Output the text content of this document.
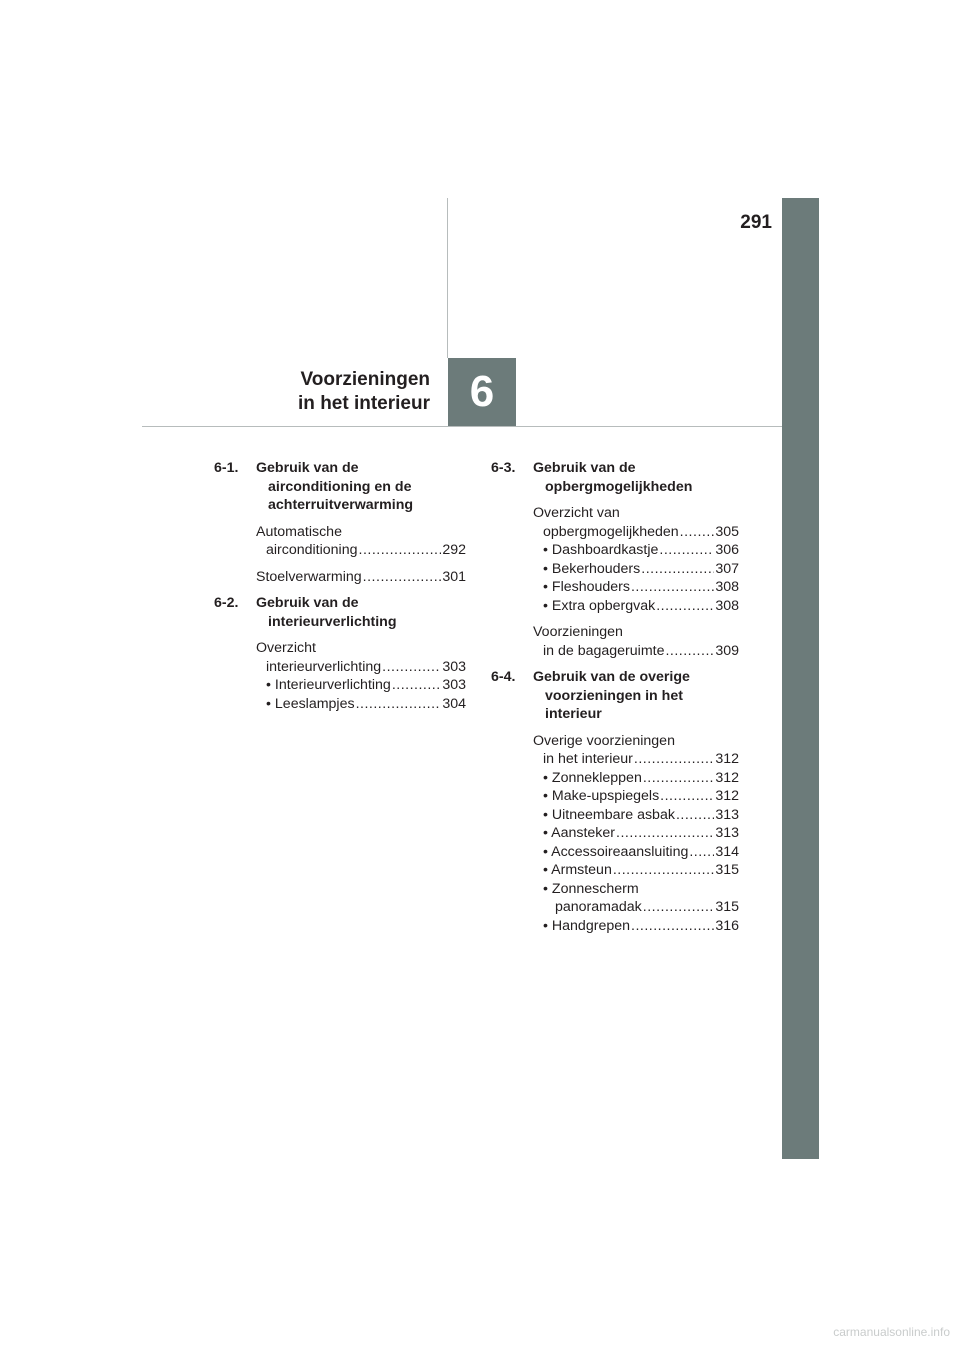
291
6
Voorzieningen
in het interieur
6-1. Gebruik van de
airconditioning en de
achterruitverwarming
Automatische
airconditioning .....	292
Stoelverwarming .....	301
6-2. Gebruik van de
interieurverlichting
Overzicht
interieurverlichting .....	303
• Interieurverlichting .....	303
• Leeslampjes .....	304
6-3. Gebruik van de
opbergmogelijkheden
Overzicht van
opbergmogelijkheden .....	305
• Dashboardkastje .....	306
• Bekerhouders .....	307
• Fleshouders .....	308
• Extra opbergvak .....	308
Voorzieningen
in de bagageruimte .....	309
6-4. Gebruik van de overige
voorzieningen in het
interieur
Overige voorzieningen
in het interieur .....	312
• Zonnekleppen .....	312
• Make-upspiegels .....	312
• Uitneembare asbak .....	313
• Aansteker .....	313
• Accessoireaansluiting ..... 314
• Armsteun .....	315
• Zonnescherm
panoramadak .....	315
• Handgrepen .....	316
carmanualsonline.info
